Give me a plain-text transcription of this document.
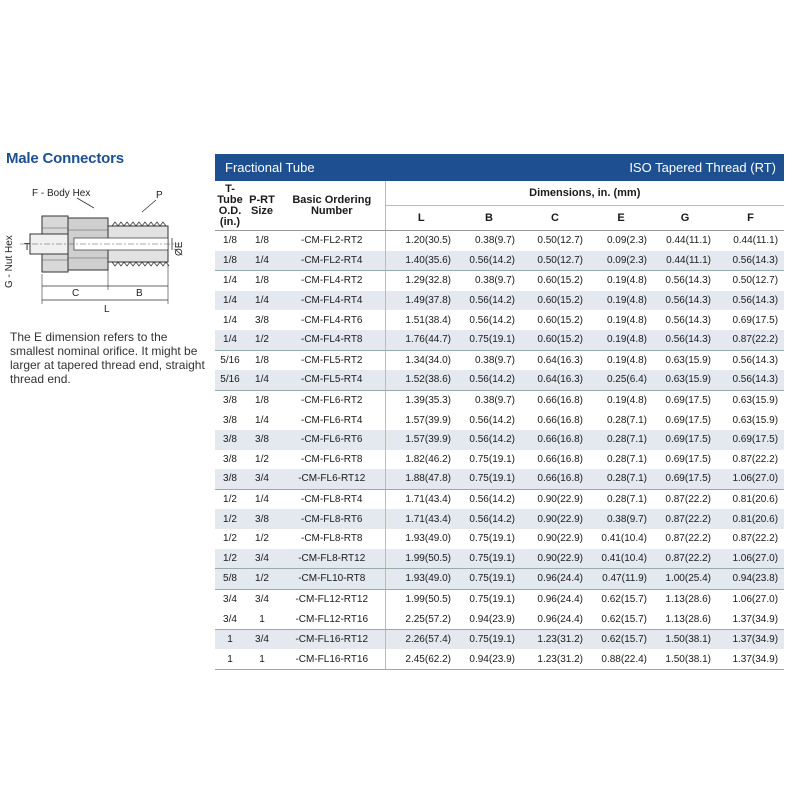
Male Connectors
F - Body Hex	P
G - Nut Hex T	ØE
C	B
L
The E dimension refers to the smallest nominal orifice. It might be larger at tapered thread end, straight thread end.
Fractional Tube	ISO Tapered Thread (RT)
T-Tube O.D. (in.)	P-RT Size	Basic Ordering Number	Dimensions, in. (mm)					
			L	B	C	E	G	F
1/8	1/8	-CM-FL2-RT2	1.20(30.5)	0.38(9.7)	0.50(12.7)	0.09(2.3)	0.44(11.1)	0.44(11.1)
1/8	1/4	-CM-FL2-RT4	1.40(35.6)	0.56(14.2)	0.50(12.7)	0.09(2.3)	0.44(11.1)	0.56(14.3)
1/4	1/8	-CM-FL4-RT2	1.29(32.8)	0.38(9.7)	0.60(15.2)	0.19(4.8)	0.56(14.3)	0.50(12.7)
1/4	1/4	-CM-FL4-RT4	1.49(37.8)	0.56(14.2)	0.60(15.2)	0.19(4.8)	0.56(14.3)	0.56(14.3)
1/4	3/8	-CM-FL4-RT6	1.51(38.4)	0.56(14.2)	0.60(15.2)	0.19(4.8)	0.56(14.3)	0.69(17.5)
1/4	1/2	-CM-FL4-RT8	1.76(44.7)	0.75(19.1)	0.60(15.2)	0.19(4.8)	0.56(14.3)	0.87(22.2)
5/16	1/8	-CM-FL5-RT2	1.34(34.0)	0.38(9.7)	0.64(16.3)	0.19(4.8)	0.63(15.9)	0.56(14.3)
5/16	1/4	-CM-FL5-RT4	1.52(38.6)	0.56(14.2)	0.64(16.3)	0.25(6.4)	0.63(15.9)	0.56(14.3)
3/8	1/8	-CM-FL6-RT2	1.39(35.3)	0.38(9.7)	0.66(16.8)	0.19(4.8)	0.69(17.5)	0.63(15.9)
3/8	1/4	-CM-FL6-RT4	1.57(39.9)	0.56(14.2)	0.66(16.8)	0.28(7.1)	0.69(17.5)	0.63(15.9)
3/8	3/8	-CM-FL6-RT6	1.57(39.9)	0.56(14.2)	0.66(16.8)	0.28(7.1)	0.69(17.5)	0.69(17.5)
3/8	1/2	-CM-FL6-RT8	1.82(46.2)	0.75(19.1)	0.66(16.8)	0.28(7.1)	0.69(17.5)	0.87(22.2)
3/8	3/4	-CM-FL6-RT12	1.88(47.8)	0.75(19.1)	0.66(16.8)	0.28(7.1)	0.69(17.5)	1.06(27.0)
1/2	1/4	-CM-FL8-RT4	1.71(43.4)	0.56(14.2)	0.90(22.9)	0.28(7.1)	0.87(22.2)	0.81(20.6)
1/2	3/8	-CM-FL8-RT6	1.71(43.4)	0.56(14.2)	0.90(22.9)	0.38(9.7)	0.87(22.2)	0.81(20.6)
1/2	1/2	-CM-FL8-RT8	1.93(49.0)	0.75(19.1)	0.90(22.9)	0.41(10.4)	0.87(22.2)	0.87(22.2)
1/2	3/4	-CM-FL8-RT12	1.99(50.5)	0.75(19.1)	0.90(22.9)	0.41(10.4)	0.87(22.2)	1.06(27.0)
5/8	1/2	-CM-FL10-RT8	1.93(49.0)	0.75(19.1)	0.96(24.4)	0.47(11.9)	1.00(25.4)	0.94(23.8)
3/4	3/4	-CM-FL12-RT12	1.99(50.5)	0.75(19.1)	0.96(24.4)	0.62(15.7)	1.13(28.6)	1.06(27.0)
3/4	1	-CM-FL12-RT16	2.25(57.2)	0.94(23.9)	0.96(24.4)	0.62(15.7)	1.13(28.6)	1.37(34.9)
1	3/4	-CM-FL16-RT12	2.26(57.4)	0.75(19.1)	1.23(31.2)	0.62(15.7)	1.50(38.1)	1.37(34.9)
1	1	-CM-FL16-RT16	2.45(62.2)	0.94(23.9)	1.23(31.2)	0.88(22.4)	1.50(38.1)	1.37(34.9)
